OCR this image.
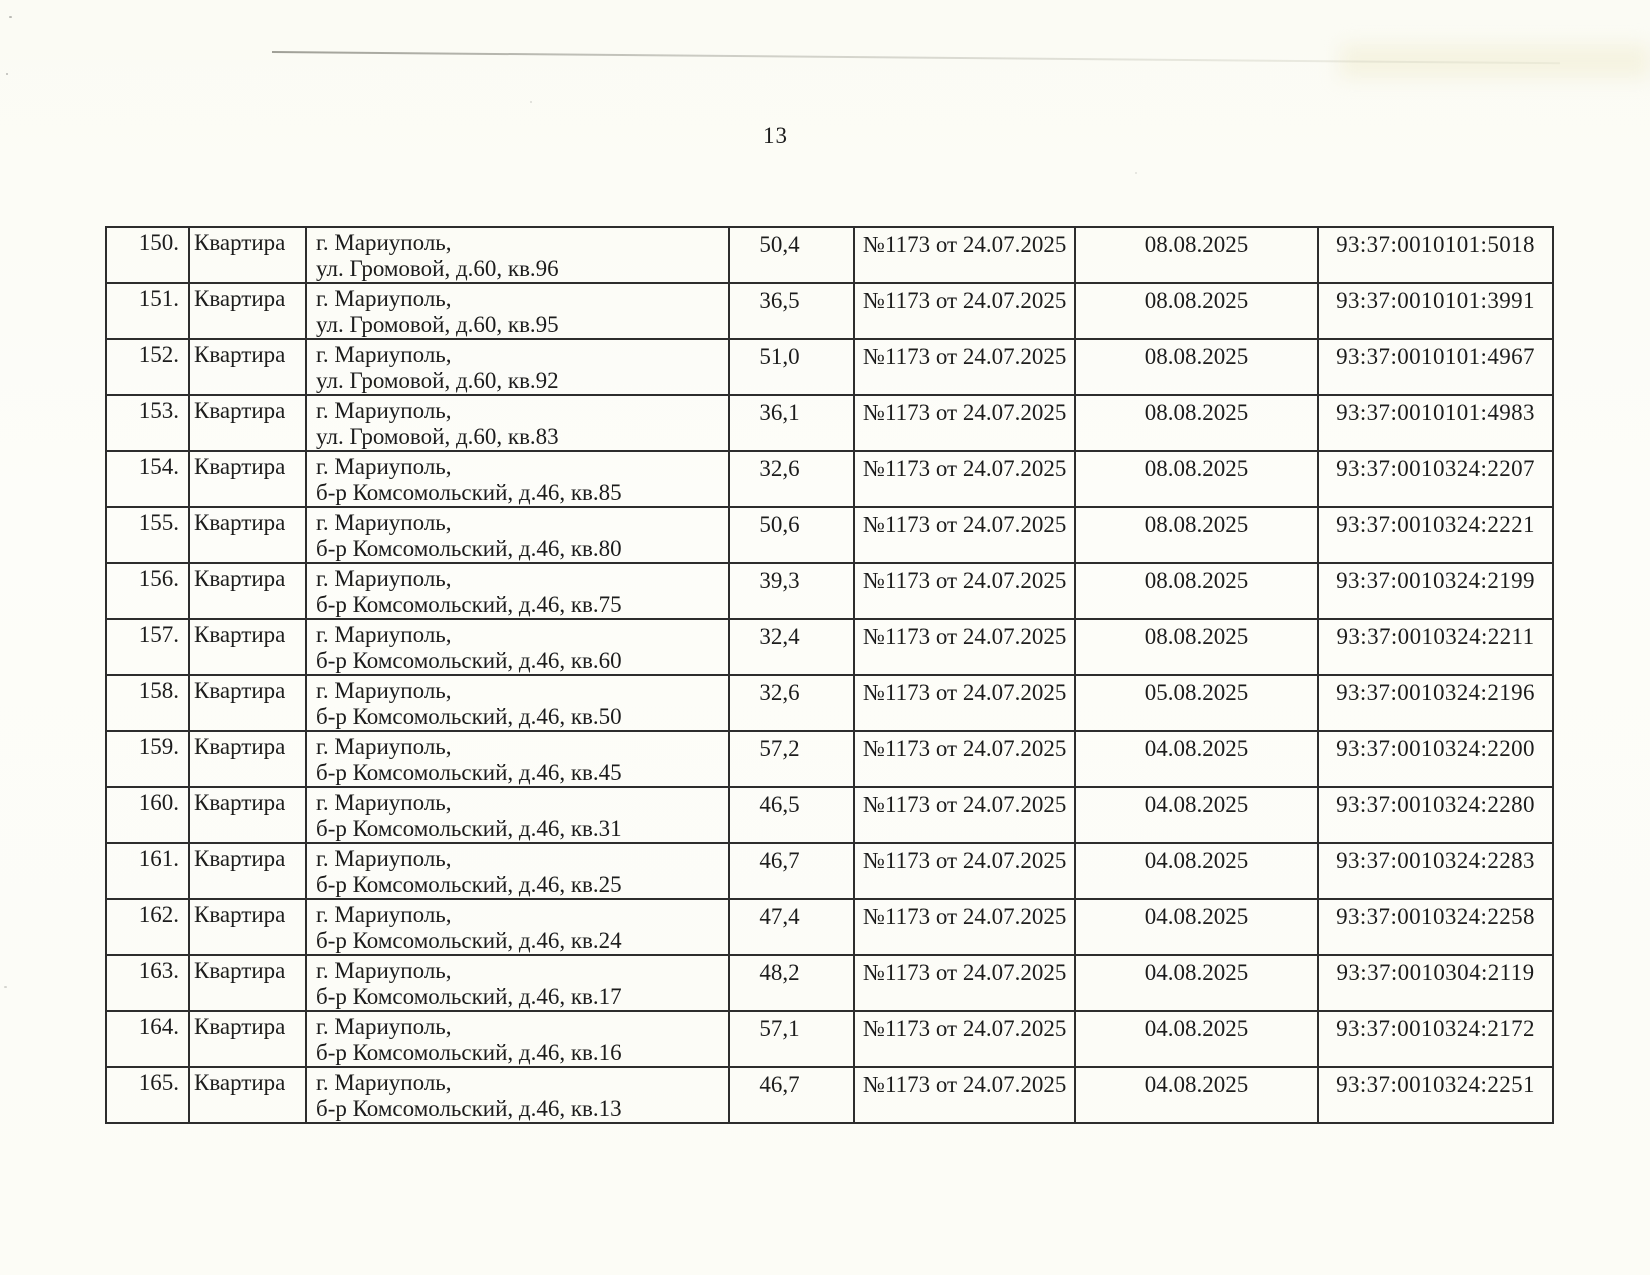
13
150.	Квартира	г. Мариуполь,
ул. Громовой, д.60, кв.96	50,4	№1173 от 24.07.2025	08.08.2025	93:37:0010101:5018
151.	Квартира	г. Мариуполь,
ул. Громовой, д.60, кв.95	36,5	№1173 от 24.07.2025	08.08.2025	93:37:0010101:3991
152.	Квартира	г. Мариуполь,
ул. Громовой, д.60, кв.92	51,0	№1173 от 24.07.2025	08.08.2025	93:37:0010101:4967
153.	Квартира	г. Мариуполь,
ул. Громовой, д.60, кв.83	36,1	№1173 от 24.07.2025	08.08.2025	93:37:0010101:4983
154.	Квартира	г. Мариуполь,
б-р Комсомольский, д.46, кв.85	32,6	№1173 от 24.07.2025	08.08.2025	93:37:0010324:2207
155.	Квартира	г. Мариуполь,
б-р Комсомольский, д.46, кв.80	50,6	№1173 от 24.07.2025	08.08.2025	93:37:0010324:2221
156.	Квартира	г. Мариуполь,
б-р Комсомольский, д.46, кв.75	39,3	№1173 от 24.07.2025	08.08.2025	93:37:0010324:2199
157.	Квартира	г. Мариуполь,
б-р Комсомольский, д.46, кв.60	32,4	№1173 от 24.07.2025	08.08.2025	93:37:0010324:2211
158.	Квартира	г. Мариуполь,
б-р Комсомольский, д.46, кв.50	32,6	№1173 от 24.07.2025	05.08.2025	93:37:0010324:2196
159.	Квартира	г. Мариуполь,
б-р Комсомольский, д.46, кв.45	57,2	№1173 от 24.07.2025	04.08.2025	93:37:0010324:2200
160.	Квартира	г. Мариуполь,
б-р Комсомольский, д.46, кв.31	46,5	№1173 от 24.07.2025	04.08.2025	93:37:0010324:2280
161.	Квартира	г. Мариуполь,
б-р Комсомольский, д.46, кв.25	46,7	№1173 от 24.07.2025	04.08.2025	93:37:0010324:2283
162.	Квартира	г. Мариуполь,
б-р Комсомольский, д.46, кв.24	47,4	№1173 от 24.07.2025	04.08.2025	93:37:0010324:2258
163.	Квартира	г. Мариуполь,
б-р Комсомольский, д.46, кв.17	48,2	№1173 от 24.07.2025	04.08.2025	93:37:0010304:2119
164.	Квартира	г. Мариуполь,
б-р Комсомольский, д.46, кв.16	57,1	№1173 от 24.07.2025	04.08.2025	93:37:0010324:2172
165.	Квартира	г. Мариуполь,
б-р Комсомольский, д.46, кв.13	46,7	№1173 от 24.07.2025	04.08.2025	93:37:0010324:2251
